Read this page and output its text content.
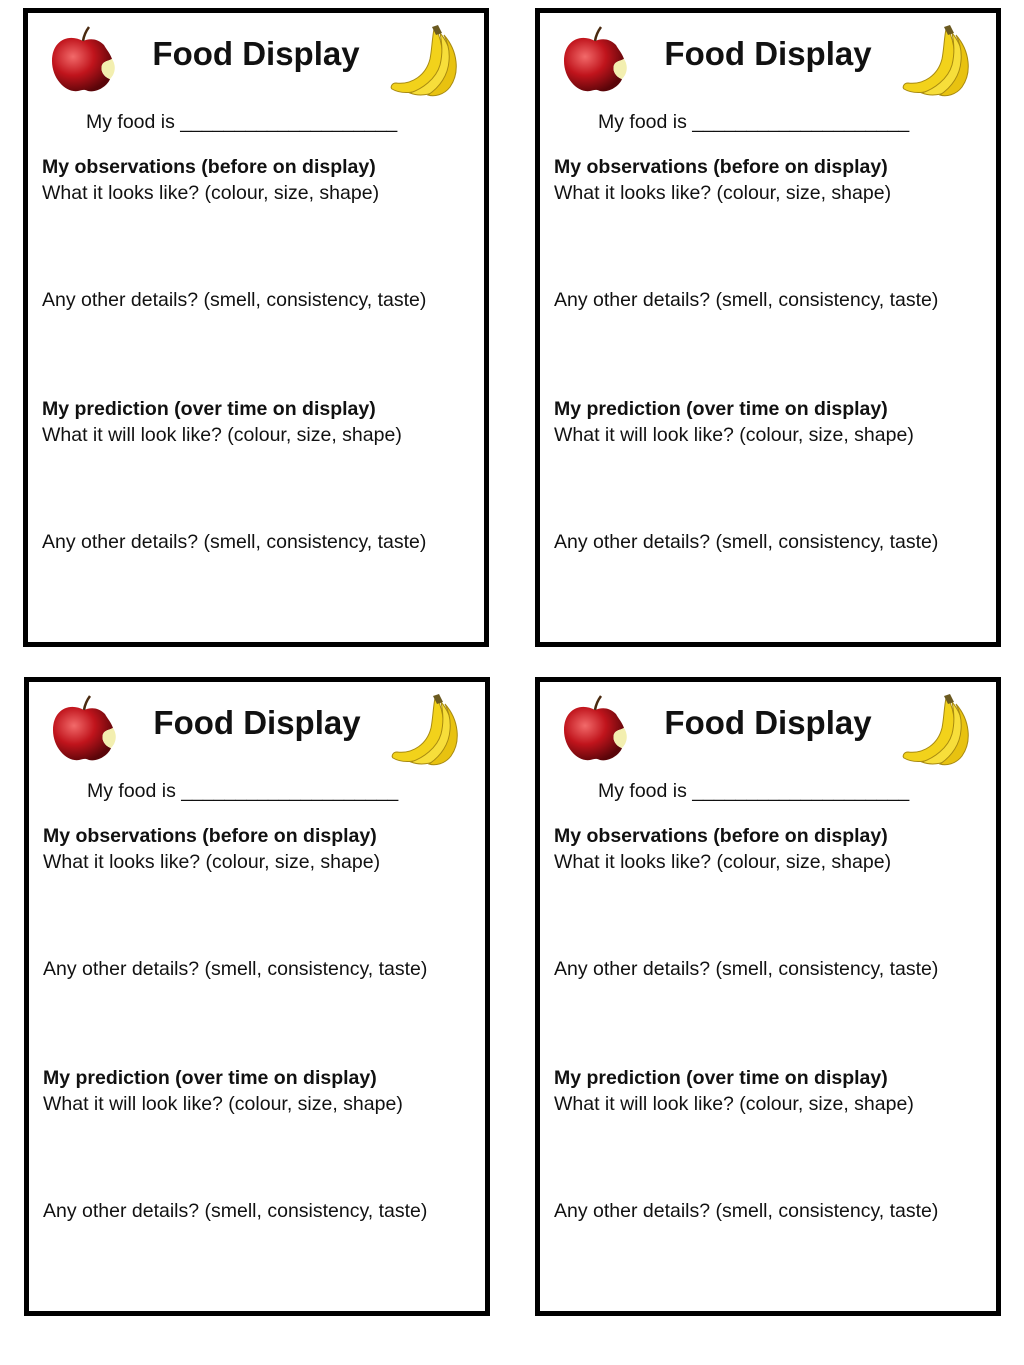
Food Display
My food is ____________________
My observations (before on display)
What it looks like? (colour, size, shape)
Any other details? (smell, consistency, taste)
My prediction (over time on display)
What it will look like? (colour, size, shape)
Any other details? (smell, consistency, taste)
Food Display
My food is ____________________
My observations (before on display)
What it looks like? (colour, size, shape)
Any other details? (smell, consistency, taste)
My prediction (over time on display)
What it will look like? (colour, size, shape)
Any other details? (smell, consistency, taste)
Food Display
My food is ____________________
My observations (before on display)
What it looks like? (colour, size, shape)
Any other details? (smell, consistency, taste)
My prediction (over time on display)
What it will look like? (colour, size, shape)
Any other details? (smell, consistency, taste)
Food Display
My food is ____________________
My observations (before on display)
What it looks like? (colour, size, shape)
Any other details? (smell, consistency, taste)
My prediction (over time on display)
What it will look like? (colour, size, shape)
Any other details? (smell, consistency, taste)
